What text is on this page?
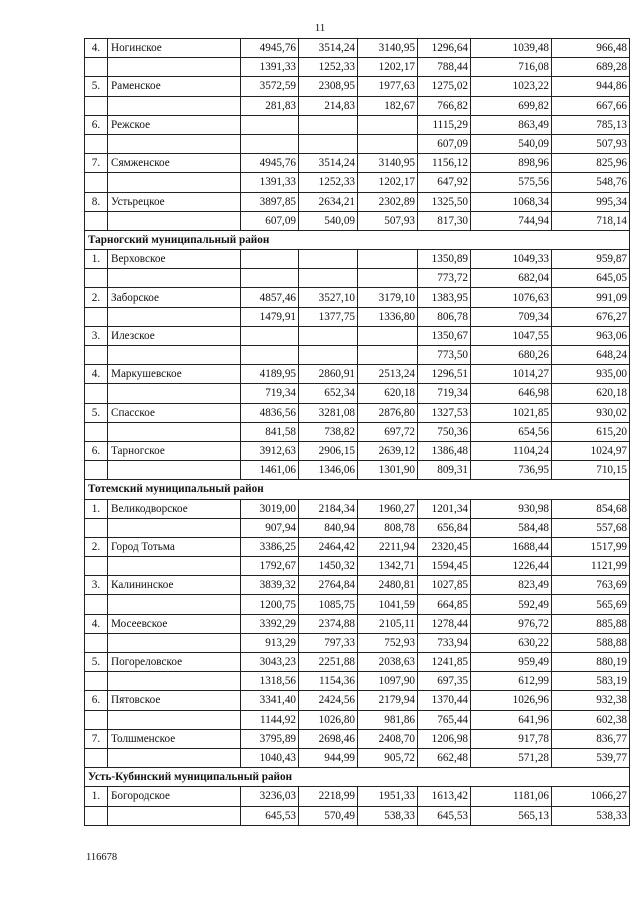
11
4.	Ногинское	4945,76	3514,24	3140,95	1296,64	1039,48	966,48
		1391,33	1252,33	1202,17	788,44	716,08	689,28
5.	Раменское	3572,59	2308,95	1977,63	1275,02	1023,22	944,86
		281,83	214,83	182,67	766,82	699,82	667,66
6.	Режское				1115,29	863,49	785,13
					607,09	540,09	507,93
7.	Сямженское	4945,76	3514,24	3140,95	1156,12	898,96	825,96
		1391,33	1252,33	1202,17	647,92	575,56	548,76
8.	Устьрецкое	3897,85	2634,21	2302,89	1325,50	1068,34	995,34
		607,09	540,09	507,93	817,30	744,94	718,14
Тарногский муниципальный район							
1.	Верховское				1350,89	1049,33	959,87
					773,72	682,04	645,05
2.	Заборское	4857,46	3527,10	3179,10	1383,95	1076,63	991,09
		1479,91	1377,75	1336,80	806,78	709,34	676,27
3.	Илезское				1350,67	1047,55	963,06
					773,50	680,26	648,24
4.	Маркушевское	4189,95	2860,91	2513,24	1296,51	1014,27	935,00
		719,34	652,34	620,18	719,34	646,98	620,18
5.	Спасское	4836,56	3281,08	2876,80	1327,53	1021,85	930,02
		841,58	738,82	697,72	750,36	654,56	615,20
6.	Тарногское	3912,63	2906,15	2639,12	1386,48	1104,24	1024,97
		1461,06	1346,06	1301,90	809,31	736,95	710,15
Тотемский муниципальный район							
1.	Великодворское	3019,00	2184,34	1960,27	1201,34	930,98	854,68
		907,94	840,94	808,78	656,84	584,48	557,68
2.	Город Тотьма	3386,25	2464,42	2211,94	2320,45	1688,44	1517,99
		1792,67	1450,32	1342,71	1594,45	1226,44	1121,99
3.	Калининское	3839,32	2764,84	2480,81	1027,85	823,49	763,69
		1200,75	1085,75	1041,59	664,85	592,49	565,69
4.	Мосеевское	3392,29	2374,88	2105,11	1278,44	976,72	885,88
		913,29	797,33	752,93	733,94	630,22	588,88
5.	Погореловское	3043,23	2251,88	2038,63	1241,85	959,49	880,19
		1318,56	1154,36	1097,90	697,35	612,99	583,19
6.	Пятовское	3341,40	2424,56	2179,94	1370,44	1026,96	932,38
		1144,92	1026,80	981,86	765,44	641,96	602,38
7.	Толшменское	3795,89	2698,46	2408,70	1206,98	917,78	836,77
		1040,43	944,99	905,72	662,48	571,28	539,77
Усть-Кубинский муниципальный район							
1.	Богородское	3236,03	2218,99	1951,33	1613,42	1181,06	1066,27
		645,53	570,49	538,33	645,53	565,13	538,33
116678
